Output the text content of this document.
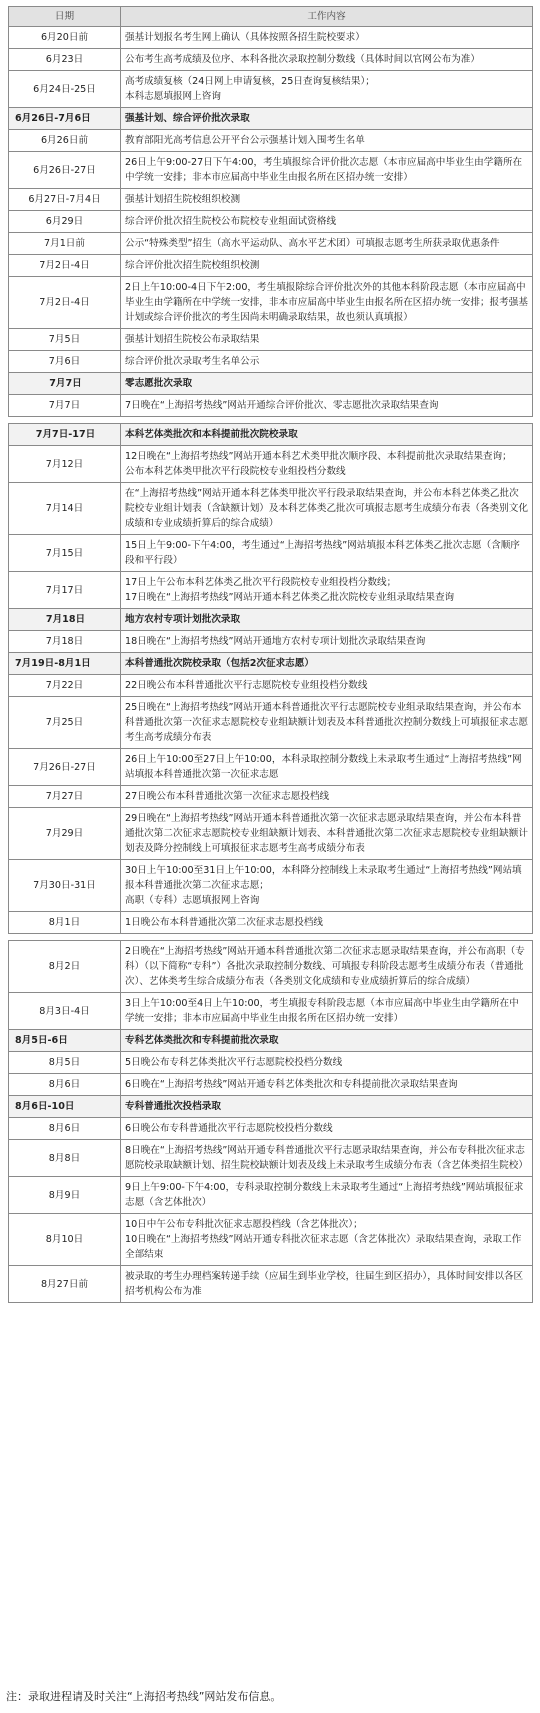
日期	工作内容
6月20日前	强基计划报名考生网上确认（具体按照各招生院校要求）
6月23日	公布考生高考成绩及位序、本科各批次录取控制分数线（具体时间以官网公布为准）
6月24日-25日	高考成绩复核（24日网上申请复核，25日查询复核结果）；
本科志愿填报网上咨询
6月26日-7月6日	强基计划、综合评价批次录取
6月26日前	教育部阳光高考信息公开平台公示强基计划入围考生名单
6月26日-27日	26日上午9:00-27日下午4:00，考生填报综合评价批次志愿（本市应届高中毕业生由学籍所在中学统一安排；非本市应届高中毕业生由报名所在区招办统一安排）
6月27日-7月4日	强基计划招生院校组织校测
6月29日	综合评价批次招生院校公布院校专业组面试资格线
7月1日前	公示“特殊类型”招生（高水平运动队、高水平艺术团）可填报志愿考生所获录取优惠条件
7月2日-4日	综合评价批次招生院校组织校测
7月2日-4日	2日上午10:00-4日下午2:00，考生填报除综合评价批次外的其他本科阶段志愿（本市应届高中毕业生由学籍所在中学统一安排，非本市应届高中毕业生由报名所在区招办统一安排；报考强基计划或综合评价批次的考生因尚未明确录取结果，故也须认真填报）
7月5日	强基计划招生院校公布录取结果
7月6日	综合评价批次录取考生名单公示
7月7日	零志愿批次录取
7月7日	7日晚在“上海招考热线”网站开通综合评价批次、零志愿批次录取结果查询

7月7日-17日	本科艺体类批次和本科提前批次院校录取
7月12日	12日晚在“上海招考热线”网站开通本科艺术类甲批次顺序段、本科提前批次录取结果查询；
公布本科艺体类甲批次平行段院校专业组投档分数线
7月14日	在“上海招考热线”网站开通本科艺体类甲批次平行段录取结果查询，并公布本科艺体类乙批次院校专业组计划表（含缺额计划）及本科艺体类乙批次可填报志愿考生成绩分布表（各类别文化成绩和专业成绩折算后的综合成绩）
7月15日	15日上午9:00-下午4:00，考生通过“上海招考热线”网站填报本科艺体类乙批次志愿（含顺序段和平行段）
7月17日	17日上午公布本科艺体类乙批次平行段院校专业组投档分数线；
17日晚在“上海招考热线”网站开通本科艺体类乙批次院校专业组录取结果查询
7月18日	地方农村专项计划批次录取
7月18日	18日晚在“上海招考热线”网站开通地方农村专项计划批次录取结果查询
7月19日-8月1日	本科普通批次院校录取（包括2次征求志愿）
7月22日	22日晚公布本科普通批次平行志愿院校专业组投档分数线
7月25日	25日晚在“上海招考热线”网站开通本科普通批次平行志愿院校专业组录取结果查询，并公布本科普通批次第一次征求志愿院校专业组缺额计划表及本科普通批次控制分数线上可填报征求志愿考生高考成绩分布表
7月26日-27日	26日上午10:00至27日上午10:00，本科录取控制分数线上未录取考生通过“上海招考热线”网站填报本科普通批次第一次征求志愿
7月27日	27日晚公布本科普通批次第一次征求志愿投档线
7月29日	29日晚在“上海招考热线”网站开通本科普通批次第一次征求志愿录取结果查询，并公布本科普通批次第二次征求志愿院校专业组缺额计划表、本科普通批次第二次征求志愿院校专业组缺额计划表及降分控制线上可填报征求志愿考生高考成绩分布表
7月30日-31日	30日上午10:00至31日上午10:00，本科降分控制线上未录取考生通过“上海招考热线”网站填报本科普通批次第二次征求志愿；
高职（专科）志愿填报网上咨询
8月1日	1日晚公布本科普通批次第二次征求志愿投档线

8月2日	2日晚在“上海招考热线”网站开通本科普通批次第二次征求志愿录取结果查询，并公布高职（专科）（以下简称“专科”）各批次录取控制分数线、可填报专科阶段志愿考生成绩分布表（普通批次）、艺体类考生综合成绩分布表（各类别文化成绩和专业成绩折算后的综合成绩）
8月3日-4日	3日上午10:00至4日上午10:00，考生填报专科阶段志愿（本市应届高中毕业生由学籍所在中学统一安排；非本市应届高中毕业生由报名所在区招办统一安排）
8月5日-6日	专科艺体类批次和专科提前批次录取
8月5日	5日晚公布专科艺体类批次平行志愿院校投档分数线
8月6日	6日晚在“上海招考热线”网站开通专科艺体类批次和专科提前批次录取结果查询
8月6日-10日	专科普通批次投档录取
8月6日	6日晚公布专科普通批次平行志愿院校投档分数线
8月8日	8日晚在“上海招考热线”网站开通专科普通批次平行志愿录取结果查询，并公布专科批次征求志愿院校录取缺额计划、招生院校缺额计划表及线上未录取考生成绩分布表（含艺体类招生院校）
8月9日	9日上午9:00-下午4:00，专科录取控制分数线上未录取考生通过“上海招考热线”网站填报征求志愿（含艺体批次）
8月10日	10日中午公布专科批次征求志愿投档线（含艺体批次）；
10日晚在“上海招考热线”网站开通专科批次征求志愿（含艺体批次）录取结果查询，录取工作全部结束
8月27日前	被录取的考生办理档案转递手续（应届生到毕业学校，往届生到区招办），具体时间安排以各区招考机构公布为准
注：录取进程请及时关注“上海招考热线”网站发布信息。
